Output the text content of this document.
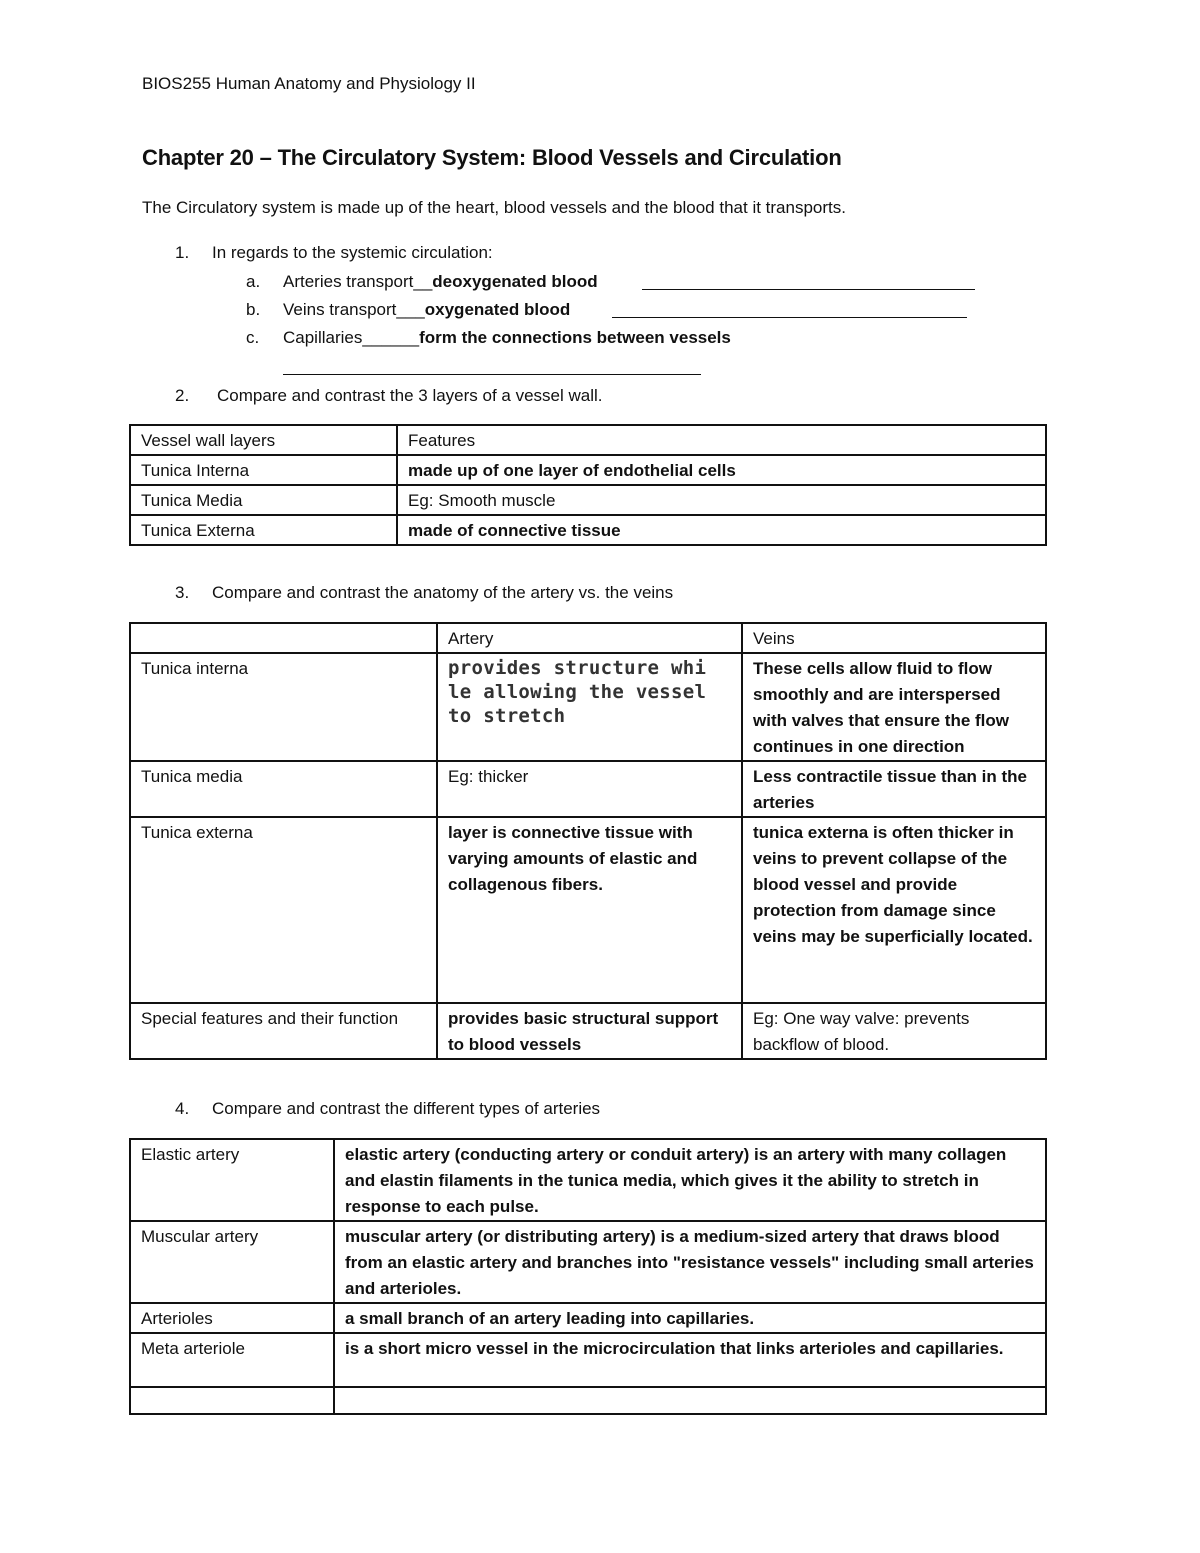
BIOS255 Human Anatomy and Physiology II
Chapter 20 – The Circulatory System: Blood Vessels and Circulation
The Circulatory system is made up of the heart, blood vessels and the blood that it transports.
1. In regards to the systemic circulation:
a. Arteries transport__deoxygenated blood
b. Veins transport___oxygenated blood
c. Capillaries______form the connections between vessels
2. Compare and contrast the 3 layers of a vessel wall.
Vessel wall layers	Features
Tunica Interna	made up of one layer of endothelial cells
Tunica Media	Eg: Smooth muscle
Tunica Externa	made of connective tissue
3. Compare and contrast the anatomy of the artery vs. the veins
	Artery	Veins
Tunica interna	provides structure whi le allowing the vessel to stretch	These cells allow fluid to flow smoothly and are interspersed with valves that ensure the flow continues in one direction
Tunica media	Eg: thicker	Less contractile tissue than in the arteries
Tunica externa	layer is connective tissue with varying amounts of elastic and collagenous fibers.	tunica externa is often thicker in veins to prevent collapse of the blood vessel and provide protection from damage since veins may be superficially located.
Special features and their function	provides basic structural support to blood vessels	Eg: One way valve: prevents backflow of blood.
4. Compare and contrast the different types of arteries
Elastic artery	elastic artery (conducting artery or conduit artery) is an artery with many collagen and elastin filaments in the tunica media, which gives it the ability to stretch in response to each pulse.
Muscular artery	muscular artery (or distributing artery) is a medium-sized artery that draws blood from an elastic artery and branches into "resistance vessels" including small arteries and arterioles.
Arterioles	a small branch of an artery leading into capillaries.
Meta arteriole	is a short micro vessel in the microcirculation that links arterioles and capillaries.
